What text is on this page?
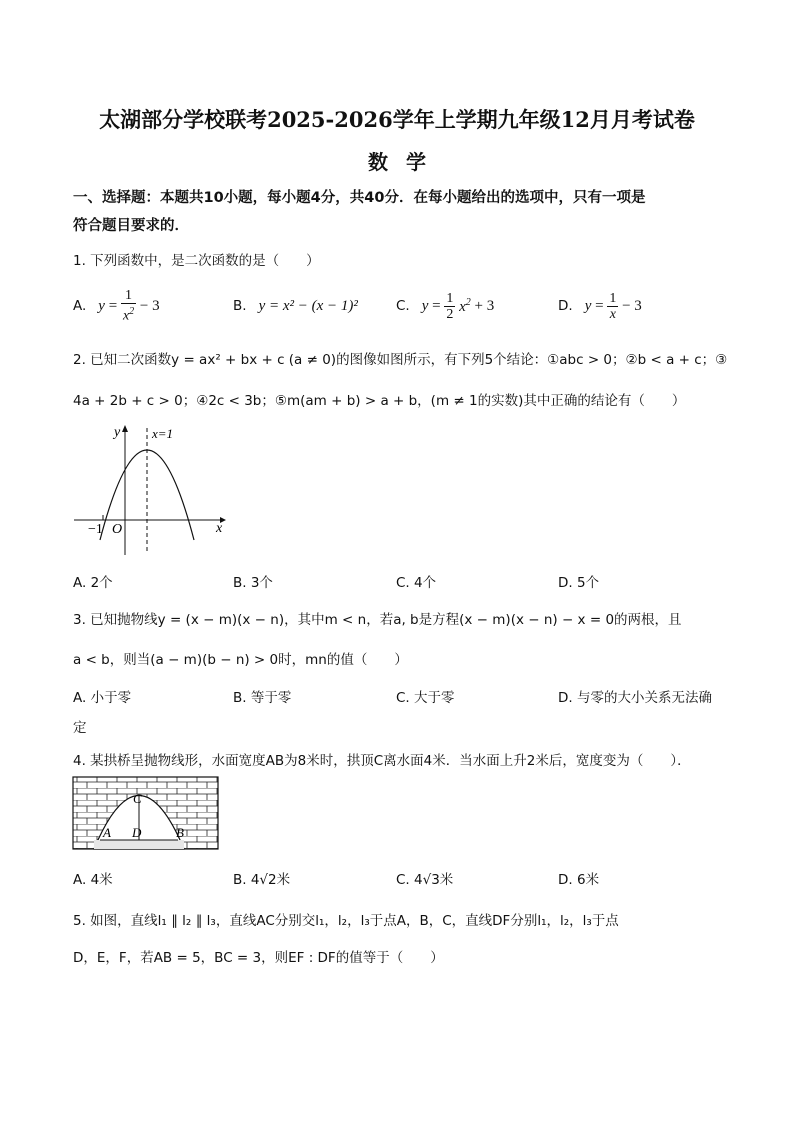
太湖部分学校联考2025-2026学年上学期九年级12月月考试卷
数学
一、选择题：本题共10小题，每小题4分，共40分．在每小题给出的选项中，只有一项是
符合题目要求的．
1. 下列函数中，是二次函数的是（　　）
A. $y = \frac{1}{x^2} - 3$	B. y = x² − (x − 1)²	C. $y = \frac{1}{2} x^2 + 3$	D. $y = \frac{1}{x} - 3$
2. 已知二次函数y = ax² + bx + c (a ≠ 0)的图像如图所示，有下列5个结论：①abc > 0；②b < a + c；③
4a + 2b + c > 0；④2c < 3b；⑤m(am + b) > a + b，(m ≠ 1的实数)其中正确的结论有（　　）
y
x
x=1
O
−1
A. 2个	B. 3个	C. 4个	D. 5个
3. 已知抛物线y = (x − m)(x − n)，其中m < n，若a, b是方程(x − m)(x − n) − x = 0的两根，且
a < b，则当(a − m)(b − n) > 0时，mn的值（　　）
A. 小于零	B. 等于零	C. 大于零	D. 与零的大小关系无法确
定
4. 某拱桥呈抛物线形，水面宽度AB为8米时，拱顶C离水面4米．当水面上升2米后，宽度变为（　　）．
C
A D	B
A. 4米	B. 4√2米	C. 4√3米	D. 6米
5. 如图，直线l₁ ∥ l₂ ∥ l₃，直线AC分别交l₁，l₂，l₃于点A，B，C，直线DF分别l₁，l₂，l₃于点
D，E，F，若AB = 5，BC = 3，则EF : DF的值等于（　　）
